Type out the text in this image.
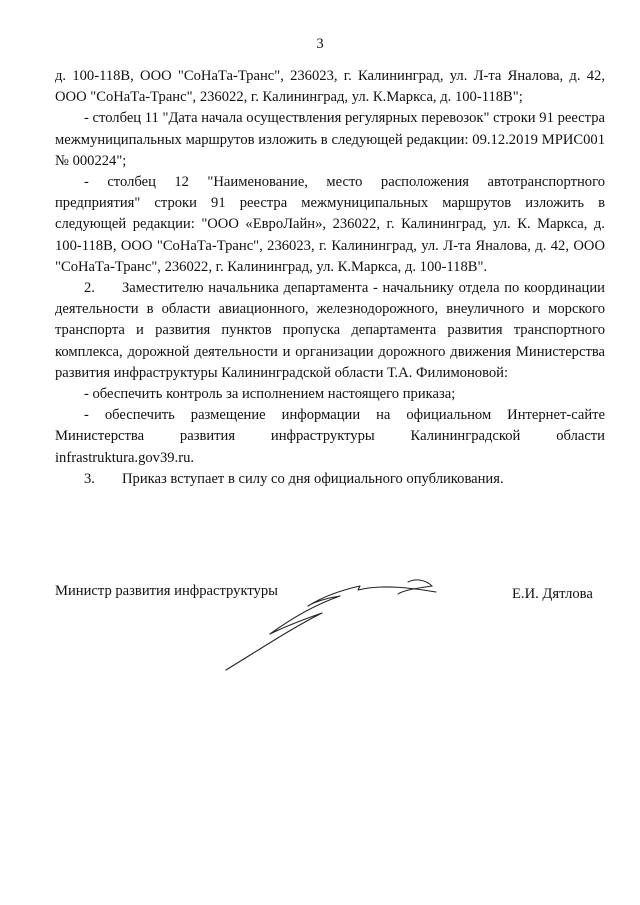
3

д. 100-118В, ООО "СоНаТа-Транс", 236023, г. Калининград, ул. Л-та Яналова, д. 42, ООО "СоНаТа-Транс", 236022, г. Калининград, ул. К.Маркса, д. 100-118В";

- столбец 11 "Дата начала осуществления регулярных перевозок" строки 91 реестра межмуниципальных маршрутов изложить в следующей редакции: 09.12.2019 МРИС001 № 000224";

- столбец 12 "Наименование, место расположения автотранспортного предприятия" строки 91 реестра межмуниципальных маршрутов изложить в следующей редакции: "ООО «ЕвроЛайн», 236022, г. Калининград, ул. К. Маркса, д. 100-118В, ООО "СоНаТа-Транс", 236023, г. Калининград, ул. Л-та Яналова, д. 42, ООО "СоНаТа-Транс", 236022, г. Калининград, ул. К.Маркса, д. 100-118В".

2. Заместителю начальника департамента - начальнику отдела по координации деятельности в области авиационного, железнодорожного, внеуличного и морского транспорта и развития пунктов пропуска департамента развития транспортного комплекса, дорожной деятельности и организации дорожного движения Министерства развития инфраструктуры Калининградской области Т.А. Филимоновой:

- обеспечить контроль за исполнением настоящего приказа;

- обеспечить размещение информации на официальном Интернет-сайте Министерства развития инфраструктуры Калининградской области infrastruktura.gov39.ru.

3. Приказ вступает в силу со дня официального опубликования.

Министр развития инфраструктуры	Е.И. Дятлова
